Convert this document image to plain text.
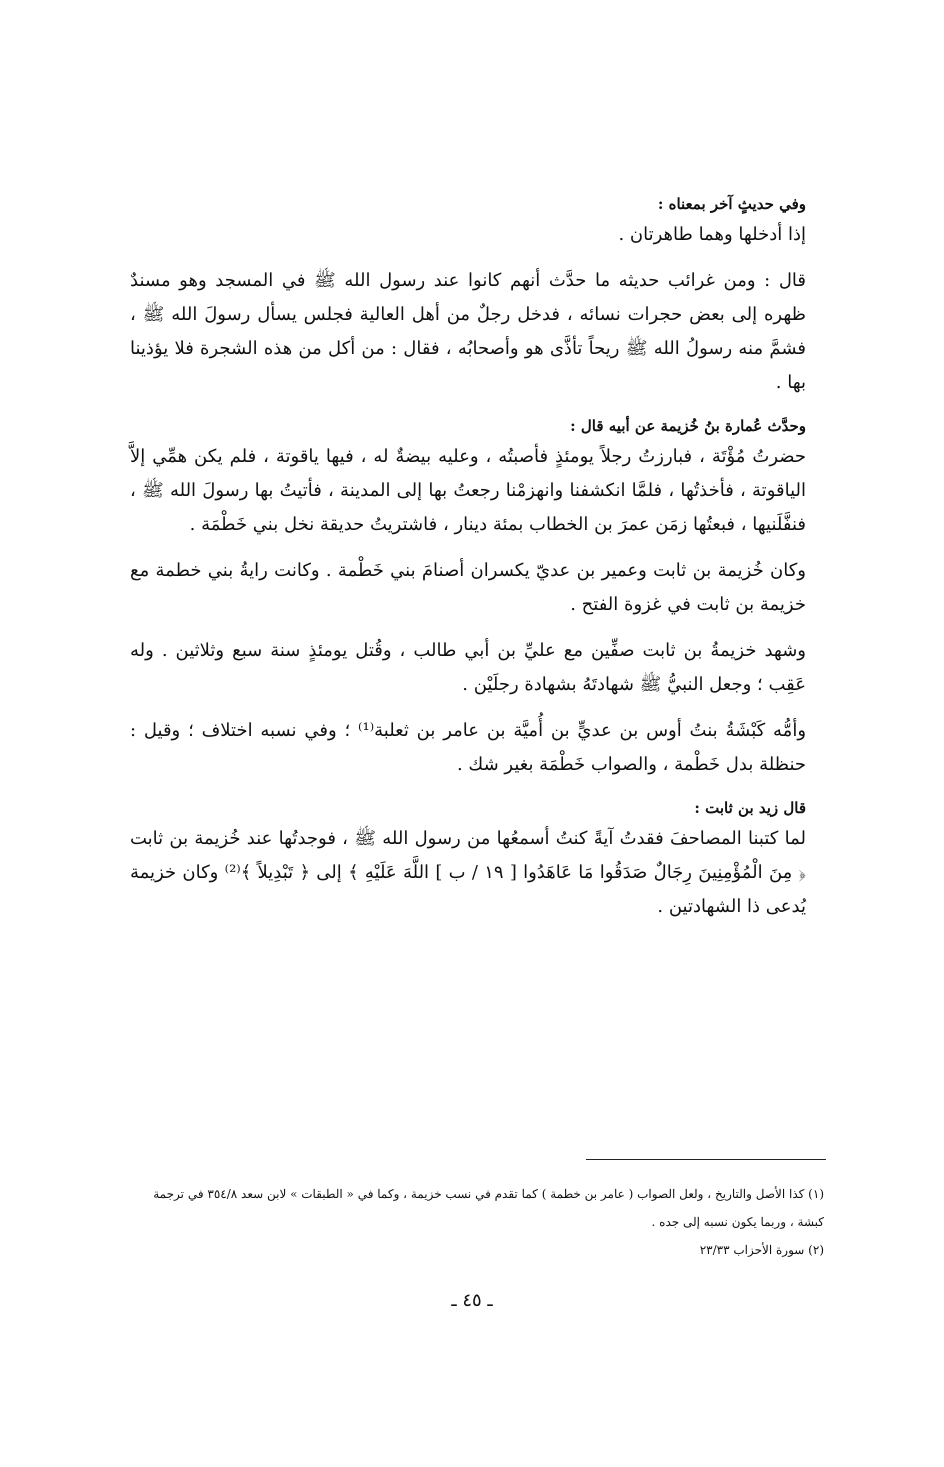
وفي حديثٍ آخر بمعناه :

إذا أدخلها وهما طاهرتان .

قال : ومن غرائب حديثه ما حدَّث أنهم كانوا عند رسول الله ﷺ في المسجد وهو مسندٌ ظهره إلى بعض حجرات نسائه ، فدخل رجلٌ من أهل العالية فجلس يسأل رسولَ الله ﷺ ، فشمَّ منه رسولُ الله ﷺ ريحاً تأذَّى هو وأصحابُه ، فقال : من أكل من هذه الشجرة فلا يؤذينا بها .

وحدَّث عُمارة بنُ خُزيمة عن أبيه قال :

حضرتُ مُؤْتَة ، فبارزتُ رجلاً يومئذٍ فأصبتُه ، وعليه بيضةٌ له ، فيها ياقوتة ، فلم يكن همِّي إلاَّ الياقوتة ، فأخذتُها ، فلمَّا انكشفنا وانهزمْنا رجعتُ بها إلى المدينة ، فأتيتُ بها رسولَ الله ﷺ ، فنفَّلَنيها ، فبعتُها زمَن عمرَ بن الخطاب بمئة دينار ، فاشتريتُ حديقة نخل بني خَطْمَة .

وكان خُزيمة بن ثابت وعمير بن عديّ يكسران أصنامَ بني خَطْمة . وكانت رايةُ بني خطمة مع خزيمة بن ثابت في غزوة الفتح .

وشهد خزيمةُ بن ثابت صفِّين مع عليِّ بن أبي طالب ، وقُتل يومئذٍ سنة سبع وثلاثين . وله عَقِب ؛ وجعل النبيُّ ﷺ شهادتَهُ بشهادة رجلَيْن .

وأمُّه كَبْشَةُ بنتُ أوس بن عديٍّ بن أُميَّة بن عامر بن ثعلبة⁽¹⁾ ؛ وفي نسبه اختلاف ؛ وقيل : حنظلة بدل خَطْمة ، والصواب خَطْمَة بغير شك .

قال زيد بن ثابت :

لما كتبنا المصاحفَ فقدتُ آيةً كنتُ أسمعُها من رسول الله ﷺ ، فوجدتُها عند خُزيمة بن ثابت ﴿ مِنَ الْمُؤْمِنِينَ رِجَالٌ صَدَقُوا مَا عَاهَدُوا [ ١٩ / ب ] اللَّهَ عَلَيْهِ ﴾ إلى ﴿ تَبْدِيلاً ﴾⁽²⁾ وكان خزيمة يُدعى ذا الشهادتين .

(١) كذا الأصل والتاريخ ، ولعل الصواب ( عامر بن خطمة ) كما تقدم في نسب خزيمة ، وكما في « الطبقات » لابن سعد ٣٥٤/٨ في ترجمة كبشة ، وربما يكون نسبه إلى جده .

(٢) سورة الأحزاب ٢٣/٣٣

ـ ٤٥ ـ
